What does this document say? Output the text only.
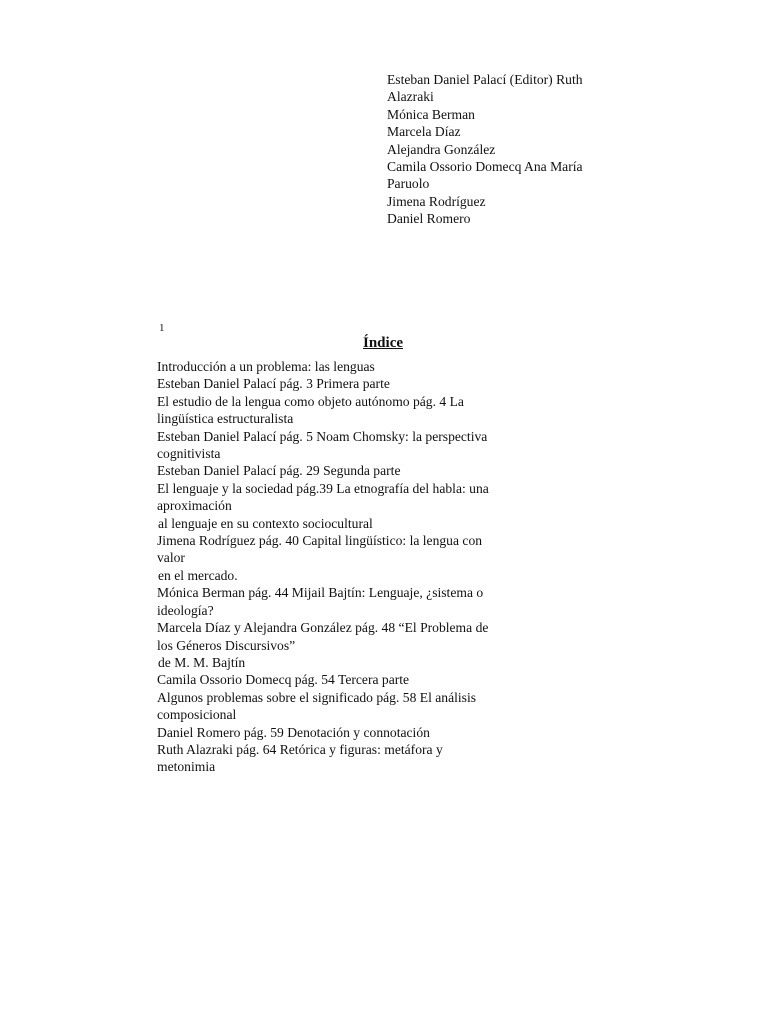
Esteban Daniel Palací (Editor) Ruth
Alazraki
Mónica Berman
Marcela Díaz
Alejandra González
Camila Ossorio Domecq Ana María
Paruolo
Jimena Rodríguez
Daniel Romero
1
Índice
Introducción a un problema: las lenguas
Esteban Daniel Palací pág. 3 Primera parte
El estudio de la lengua como objeto autónomo pág. 4 La
lingüística estructuralista
Esteban Daniel Palací pág. 5 Noam Chomsky: la perspectiva
cognitivista
Esteban Daniel Palací pág. 29 Segunda parte
El lenguaje y la sociedad pág.39 La etnografía del habla: una
aproximación
al lenguaje en su contexto sociocultural
Jimena Rodríguez pág. 40 Capital lingüístico: la lengua con
valor
en el mercado.
Mónica Berman pág. 44 Mijail Bajtín: Lenguaje, ¿sistema o
ideología?
Marcela Díaz y Alejandra González pág. 48 “El Problema de
los Géneros Discursivos”
de M. M. Bajtín
Camila Ossorio Domecq pág. 54 Tercera parte
Algunos problemas sobre el significado pág. 58 El análisis
composicional
Daniel Romero pág. 59 Denotación y connotación
Ruth Alazraki pág. 64 Retórica y figuras: metáfora y
metonimia
